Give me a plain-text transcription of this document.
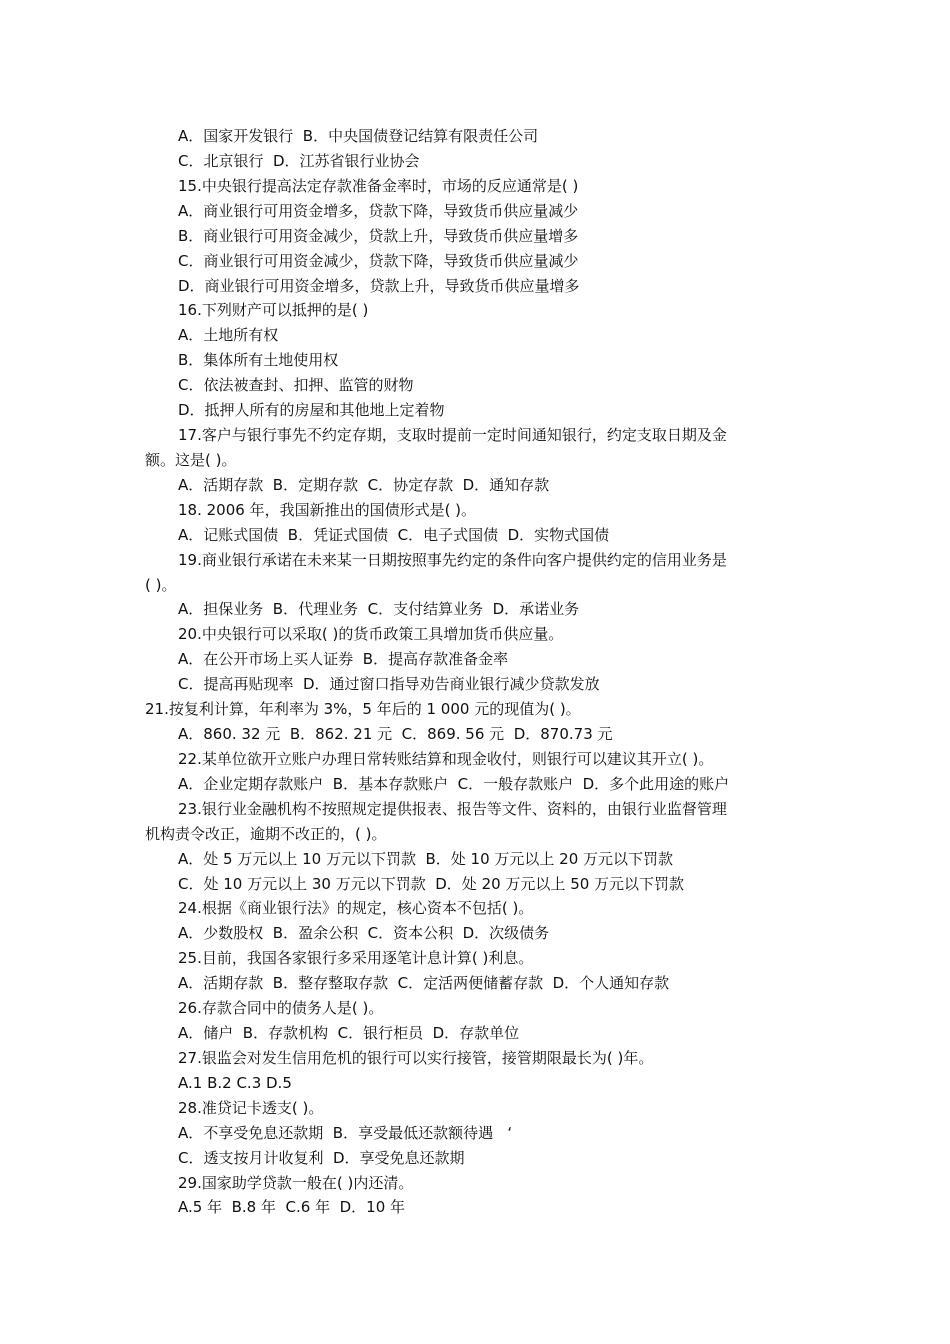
A．国家开发银行  B．中央国债登记结算有限责任公司
C．北京银行  D．江苏省银行业协会
15.中央银行提高法定存款准备金率时，市场的反应通常是( )
A．商业银行可用资金增多，贷款下降，导致货币供应量减少
B．商业银行可用资金减少，贷款上升，导致货币供应量增多
C．商业银行可用资金减少，贷款下降，导致货币供应量减少
D．商业银行可用资金增多，贷款上升，导致货币供应量增多
16.下列财产可以抵押的是( )
A．土地所有权
B．集体所有土地使用权
C．依法被查封、扣押、监管的财物
D．抵押人所有的房屋和其他地上定着物
17.客户与银行事先不约定存期，支取时提前一定时间通知银行，约定支取日期及金
额。这是( )。
A．活期存款  B．定期存款  C．协定存款  D．通知存款
18. 2006 年，我国新推出的国债形式是( )。
A．记账式国债  B．凭证式国债  C．电子式国债  D．实物式国债
19.商业银行承诺在未来某一日期按照事先约定的条件向客户提供约定的信用业务是
( )。
A．担保业务  B．代理业务  C．支付结算业务  D．承诺业务
20.中央银行可以采取( )的货币政策工具增加货币供应量。
A．在公开市场上买人证券  B．提高存款准备金率
C．提高再贴现率  D．通过窗口指导劝告商业银行减少贷款发放
21.按复利计算，年利率为 3%，5 年后的 1 000 元的现值为( )。
A．860. 32 元  B．862. 21 元  C．869. 56 元  D．870.73 元
22.某单位欲开立账户办理日常转账结算和现金收付，则银行可以建议其开立( )。
A．企业定期存款账户  B．基本存款账户  C．一般存款账户  D．多个此用途的账户
23.银行业金融机构不按照规定提供报表、报告等文件、资料的，由银行业监督管理
机构责令改正，逾期不改正的，( )。
A．处 5 万元以上 10 万元以下罚款  B．处 10 万元以上 20 万元以下罚款
C．处 10 万元以上 30 万元以下罚款  D．处 20 万元以上 50 万元以下罚款
24.根据《商业银行法》的规定，核心资本不包括( )。
A．少数股权  B．盈余公积  C．资本公积  D．次级债务
25.目前，我国各家银行多采用逐笔计息计算( )利息。
A．活期存款  B．整存整取存款  C．定活两便储蓄存款  D．个人通知存款
26.存款合同中的债务人是( )。
A．储户  B．存款机构  C．银行柜员  D．存款单位
27.银监会对发生信用危机的银行可以实行接管，接管期限最长为( )年。
A.1 B.2 C.3 D.5
28.准贷记卡透支( )。
A．不享受免息还款期  B．享受最低还款额待遇   ‘
C．透支按月计收复利  D．享受免息还款期
29.国家助学贷款一般在( )内还清。
A.5 年  B.8 年  C.6 年  D．10 年
